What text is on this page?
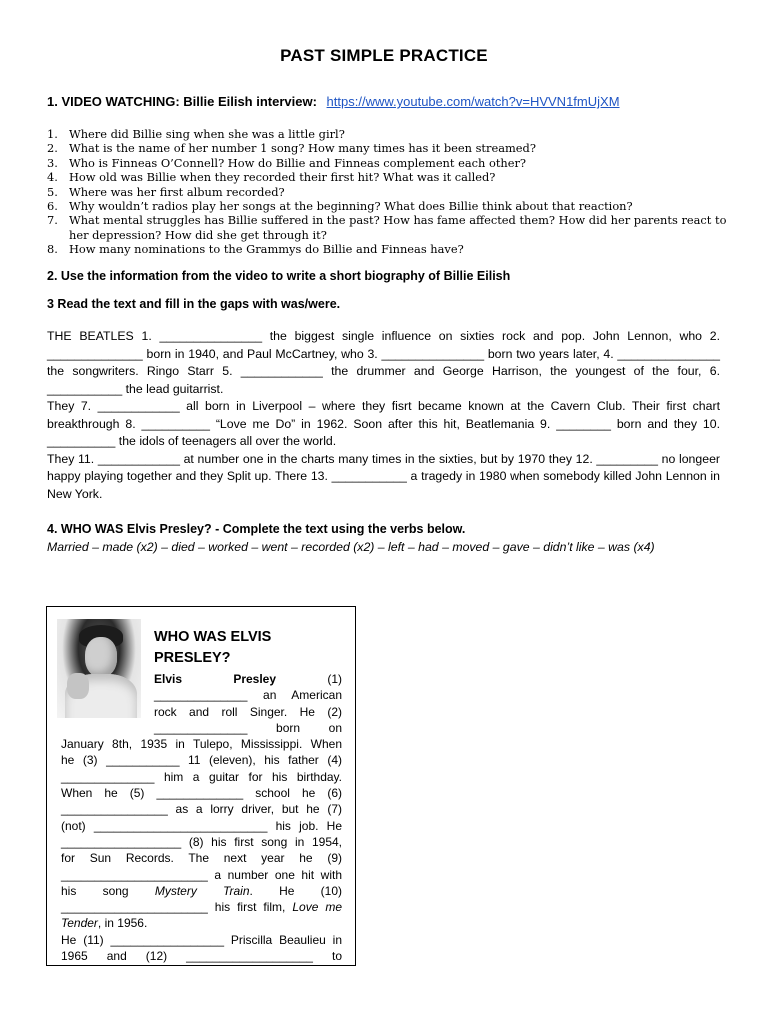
PAST SIMPLE PRACTICE
1. VIDEO WATCHING: Billie Eilish interview: https://www.youtube.com/watch?v=HVVN1fmUjXM
1. Where did Billie sing when she was a little girl?
2. What is the name of her number 1 song? How many times has it been streamed?
3. Who is Finneas O’Connell? How do Billie and Finneas complement each other?
4. How old was Billie when they recorded their first hit? What was it called?
5. Where was her first album recorded?
6. Why wouldn’t radios play her songs at the beginning? What does Billie think about that reaction?
7. What mental struggles has Billie suffered in the past? How has fame affected them? How did her parents react to her depression? How did she get through it?
8. How many nominations to the Grammys do Billie and Finneas have?
2. Use the information from the video to write a short biography of Billie Eilish
3 Read the text and fill in the gaps with was/were.

THE BEATLES 1. _______________ the biggest single influence on sixties rock and pop. John Lennon, who 2. ______________ born in 1940, and Paul McCartney, who 3. _______________ born two years later, 4. _______________ the songwriters. Ringo Starr 5. ____________ the drummer and George Harrison, the youngest of the four, 6. ___________ the lead guitarrist.

They 7. ____________ all born in Liverpool – where they fisrt became known at the Cavern Club. Their first chart breakthrough 8. __________ “Love me Do” in 1962. Soon after this hit, Beatlemania 9. ________ born and they 10. __________ the idols of teenagers all over the world.

They 11. ____________ at number one in the charts many times in the sixties, but by 1970 they 12. _________ no longeer happy playing together and they Split up. There 13. ___________ a tragedy in 1980 when somebody killed John Lennon in New York.

4. WHO WAS Elvis Presley? - Complete the text using the verbs below.
Married – made (x2) – died – worked – went – recorded (x2) – left – had – moved – gave – didn’t like – was (x4)
WHO WAS ELVIS PRESLEY?
Elvis Presley (1)
______________ an American
rock and roll Singer. He (2)
______________ born on
January 8th, 1935 in Tulepo, Mississippi. When
he (3) ___________ 11 (eleven), his father (4)
______________ him a guitar for his birthday.
When he (5) _____________ school he (6)
________________ as a lorry driver, but he (7)
(not) __________________________ his job. He
__________________ (8) his first song in 1954,
for Sun Records. The next year he (9)
______________________ a number one hit with
his song Mystery Train. He (10)
______________________ his first film, Love me
Tender, in 1956.
He (11) _________________ Priscilla Beaulieu in
1965 and (12) ___________________ to
